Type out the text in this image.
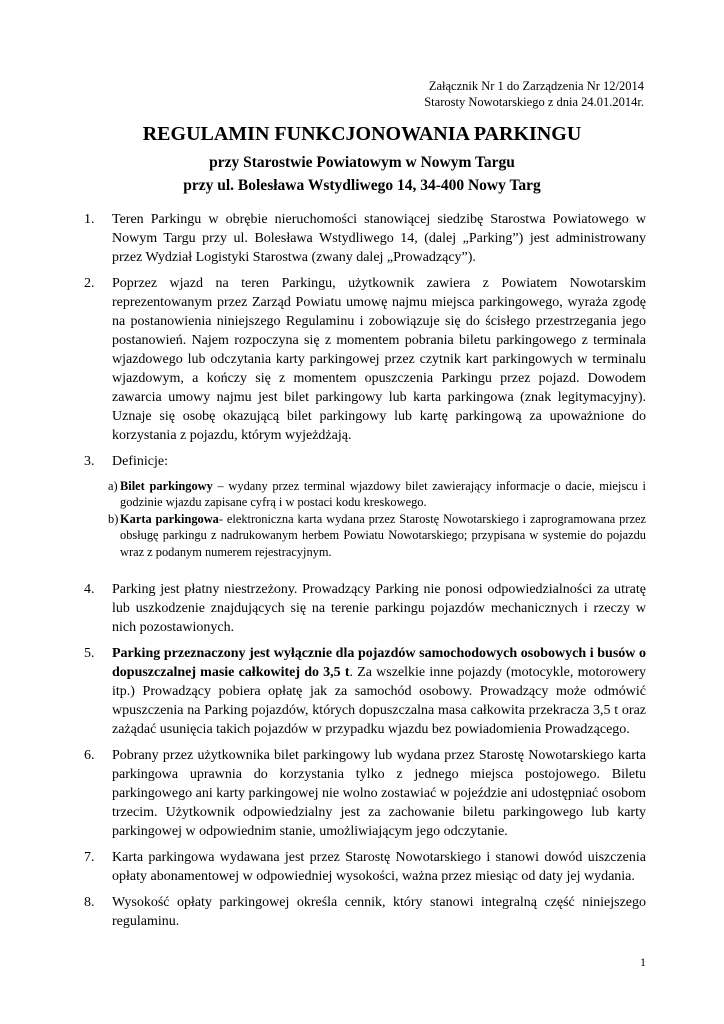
Załącznik Nr 1 do Zarządzenia Nr 12/2014
Starosty Nowotarskiego z dnia 24.01.2014r.
REGULAMIN FUNKCJONOWANIA PARKINGU
przy Starostwie Powiatowym w Nowym Targu
przy ul. Bolesława Wstydliwego 14, 34-400 Nowy Targ
1. Teren Parkingu w obrębie nieruchomości stanowiącej siedzibę Starostwa Powiatowego w Nowym Targu przy ul. Bolesława Wstydliwego 14, (dalej „Parking”) jest administrowany przez Wydział Logistyki Starostwa (zwany dalej „Prowadzący”).
2. Poprzez wjazd na teren Parkingu, użytkownik zawiera z Powiatem Nowotarskim reprezentowanym przez Zarząd Powiatu umowę najmu miejsca parkingowego, wyraża zgodę na postanowienia niniejszego Regulaminu i zobowiązuje się do ścisłego przestrzegania jego postanowień. Najem rozpoczyna się z momentem pobrania biletu parkingowego z terminala wjazdowego lub odczytania karty parkingowej przez czytnik kart parkingowych w terminalu wjazdowym, a kończy się z momentem opuszczenia Parkingu przez pojazd. Dowodem zawarcia umowy najmu jest bilet parkingowy lub karta parkingowa (znak legitymacyjny). Uznaje się osobę okazującą bilet parkingowy lub kartę parkingową za upoważnione do korzystania z pojazdu, którym wyjeżdżają.
3. Definicje:
a) Bilet parkingowy – wydany przez terminal wjazdowy bilet zawierający informacje o dacie, miejscu i godzinie wjazdu zapisane cyfrą i w postaci kodu kreskowego.
b) Karta parkingowa- elektroniczna karta wydana przez Starostę Nowotarskiego i zaprogramowana przez obsługę parkingu z nadrukowanym herbem Powiatu Nowotarskiego; przypisana w systemie do pojazdu wraz z podanym numerem rejestracyjnym.
4. Parking jest płatny niestrzeżony. Prowadzący Parking nie ponosi odpowiedzialności za utratę lub uszkodzenie znajdujących się na terenie parkingu pojazdów mechanicznych i rzeczy w nich pozostawionych.
5. Parking przeznaczony jest wyłącznie dla pojazdów samochodowych osobowych i busów o dopuszczalnej masie całkowitej do 3,5 t. Za wszelkie inne pojazdy (motocykle, motorowery itp.) Prowadzący pobiera opłatę jak za samochód osobowy. Prowadzący może odmówić wpuszczenia na Parking pojazdów, których dopuszczalna masa całkowita przekracza 3,5 t oraz zażądać usunięcia takich pojazdów w przypadku wjazdu bez powiadomienia Prowadzącego.
6. Pobrany przez użytkownika bilet parkingowy lub wydana przez Starostę Nowotarskiego karta parkingowa uprawnia do korzystania tylko z jednego miejsca postojowego. Biletu parkingowego ani karty parkingowej nie wolno zostawiać w pojeździe ani udostępniać osobom trzecim. Użytkownik odpowiedzialny jest za zachowanie biletu parkingowego lub karty parkingowej w odpowiednim stanie, umożliwiającym jego odczytanie.
7. Karta parkingowa wydawana jest przez Starostę Nowotarskiego i stanowi dowód uiszczenia opłaty abonamentowej w odpowiedniej wysokości, ważna przez miesiąc od daty jej wydania.
8. Wysokość opłaty parkingowej określa cennik, który stanowi integralną część niniejszego regulaminu.
1
